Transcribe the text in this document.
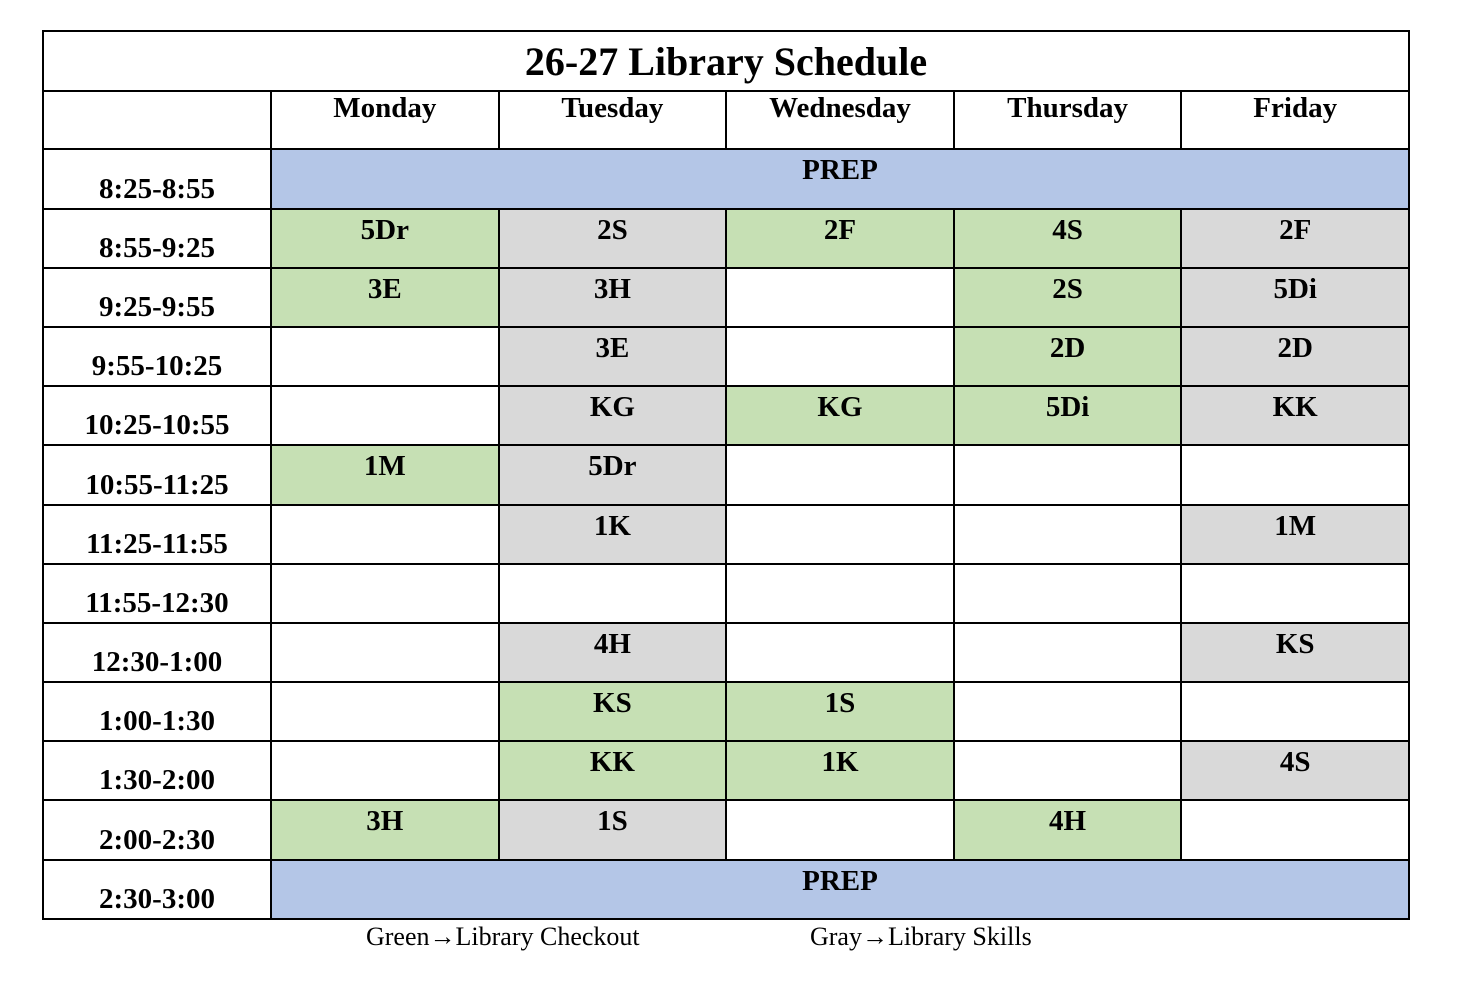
26-27 Library Schedule					
	Monday	Tuesday	Wednesday	Thursday	Friday
8:25-8:55	PREP				
8:55-9:25	5Dr	2S	2F	4S	2F
9:25-9:55	3E	3H		2S	5Di
9:55-10:25		3E		2D	2D
10:25-10:55		KG	KG	5Di	KK
10:55-11:25	1M	5Dr			
11:25-11:55		1K			1M
11:55-12:30					
12:30-1:00		4H			KS
1:00-1:30		KS	1S		
1:30-2:00		KK	1K		4S
2:00-2:30	3H	1S		4H	
2:30-3:00	PREP				
Green→Library Checkout	Gray→Library Skills
